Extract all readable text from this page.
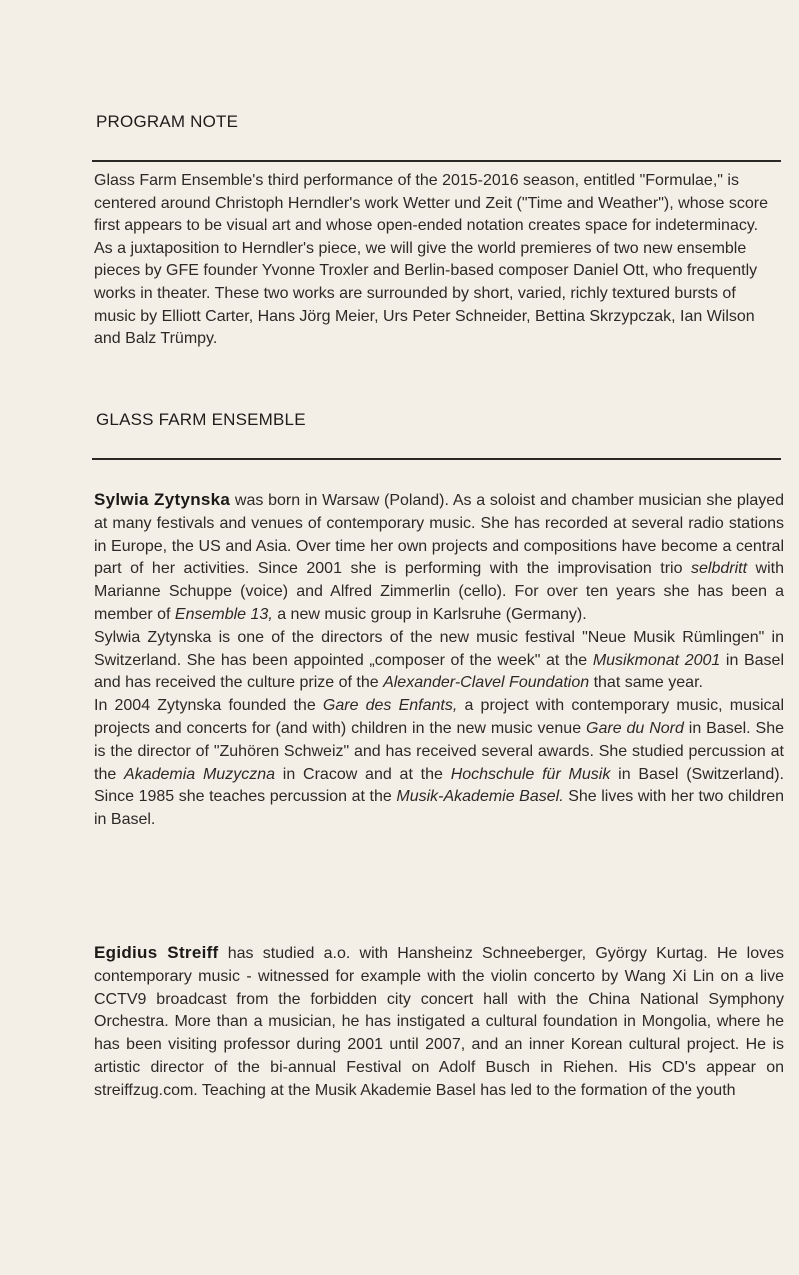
PROGRAM NOTE
Glass Farm Ensemble's third performance of the 2015-2016 season, entitled "Formulae," is centered around Christoph Herndler's work Wetter und Zeit ("Time and Weather"), whose score first appears to be visual art and whose open-ended notation creates space for indeterminacy. As a juxtaposition to Herndler's piece, we will give the world premieres of two new ensemble pieces by GFE founder Yvonne Troxler and Berlin-based composer Daniel Ott, who frequently works in theater. These two works are surrounded by short, varied, richly textured bursts of music by Elliott Carter, Hans Jörg Meier, Urs Peter Schneider, Bettina Skrzypczak, Ian Wilson and Balz Trümpy.
GLASS FARM ENSEMBLE

Sylwia Zytynska was born in Warsaw (Poland). As a soloist and chamber musician she played at many festivals and venues of contemporary music. She has recorded at several radio stations in Europe, the US and Asia. Over time her own projects and compositions have become a central part of her activities. Since 2001 she is performing with the improvisation trio selbdritt with Marianne Schuppe (voice) and Alfred Zimmerlin (cello). For over ten years she has been a member of Ensemble 13, a new music group in Karlsruhe (Germany).

Sylwia Zytynska is one of the directors of the new music festival "Neue Musik Rümlingen" in Switzerland. She has been appointed „composer of the week" at the Musikmonat 2001 in Basel and has received the culture prize of the Alexander-Clavel Foundation that same year.

In 2004 Zytynska founded the Gare des Enfants, a project with contemporary music, musical projects and concerts for (and with) children in the new music venue Gare du Nord in Basel. She is the director of "Zuhören Schweiz" and has received several awards. She studied percussion at the Akademia Muzyczna in Cracow and at the Hochschule für Musik in Basel (Switzerland). Since 1985 she teaches percussion at the Musik-Akademie Basel. She lives with her two children in Basel.

Egidius Streiff has studied a.o. with Hansheinz Schneeberger, György Kurtag. He loves contemporary music - witnessed for example with the violin concerto by Wang Xi Lin on a live CCTV9 broadcast from the forbidden city concert hall with the China National Symphony Orchestra. More than a musician, he has instigated a cultural foundation in Mongolia, where he has been visiting professor during 2001 until 2007, and an inner Korean cultural project. He is artistic director of the bi-annual Festival on Adolf Busch in Riehen. His CD's appear on streiffzug.com. Teaching at the Musik Akademie Basel has led to the formation of the youth
